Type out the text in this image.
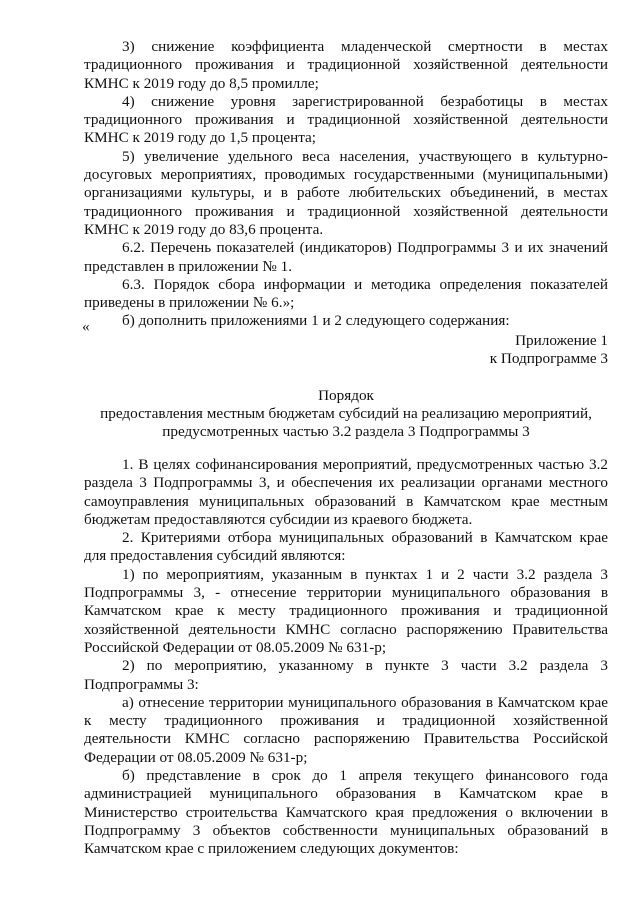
3) снижение коэффициента младенческой смертности в местах традиционного проживания и традиционной хозяйственной деятельности КМНС к 2019 году до 8,5 промилле;

4) снижение уровня зарегистрированной безработицы в местах традиционного проживания и традиционной хозяйственной деятельности КМНС к 2019 году до 1,5 процента;

5) увеличение удельного веса населения, участвующего в культурно-досуговых мероприятиях, проводимых государственными (муниципальными) организациями культуры, и в работе любительских объединений, в местах традиционного проживания и традиционной хозяйственной деятельности КМНС к 2019 году до 83,6 процента.

6.2. Перечень показателей (индикаторов) Подпрограммы 3 и их значений представлен в приложении № 1.

6.3. Порядок сбора информации и методика определения показателей приведены в приложении № 6.»;

б) дополнить приложениями 1 и 2 следующего содержания:

«
Приложение 1
к Подпрограмме 3
Порядок
предоставления местным бюджетам субсидий на реализацию мероприятий,
предусмотренных частью 3.2 раздела 3 Подпрограммы 3

1. В целях софинансирования мероприятий, предусмотренных частью 3.2 раздела 3 Подпрограммы 3, и обеспечения их реализации органами местного самоуправления муниципальных образований в Камчатском крае местным бюджетам предоставляются субсидии из краевого бюджета.

2. Критериями отбора муниципальных образований в Камчатском крае для предоставления субсидий являются:

1) по мероприятиям, указанным в пунктах 1 и 2 части 3.2 раздела 3 Подпрограммы 3, - отнесение территории муниципального образования в Камчатском крае к месту традиционного проживания и традиционной хозяйственной деятельности КМНС согласно распоряжению Правительства Российской Федерации от 08.05.2009 № 631-р;

2) по мероприятию, указанному в пункте 3 части 3.2 раздела 3 Подпрограммы 3:

а) отнесение территории муниципального образования в Камчатском крае к месту традиционного проживания и традиционной хозяйственной деятельности КМНС согласно распоряжению Правительства Российской Федерации от 08.05.2009 № 631-р;

б) представление в срок до 1 апреля текущего финансового года администрацией муниципального образования в Камчатском крае в Министерство строительства Камчатского края предложения о включении в Подпрограмму 3 объектов собственности муниципальных образований в Камчатском крае с приложением следующих документов:
